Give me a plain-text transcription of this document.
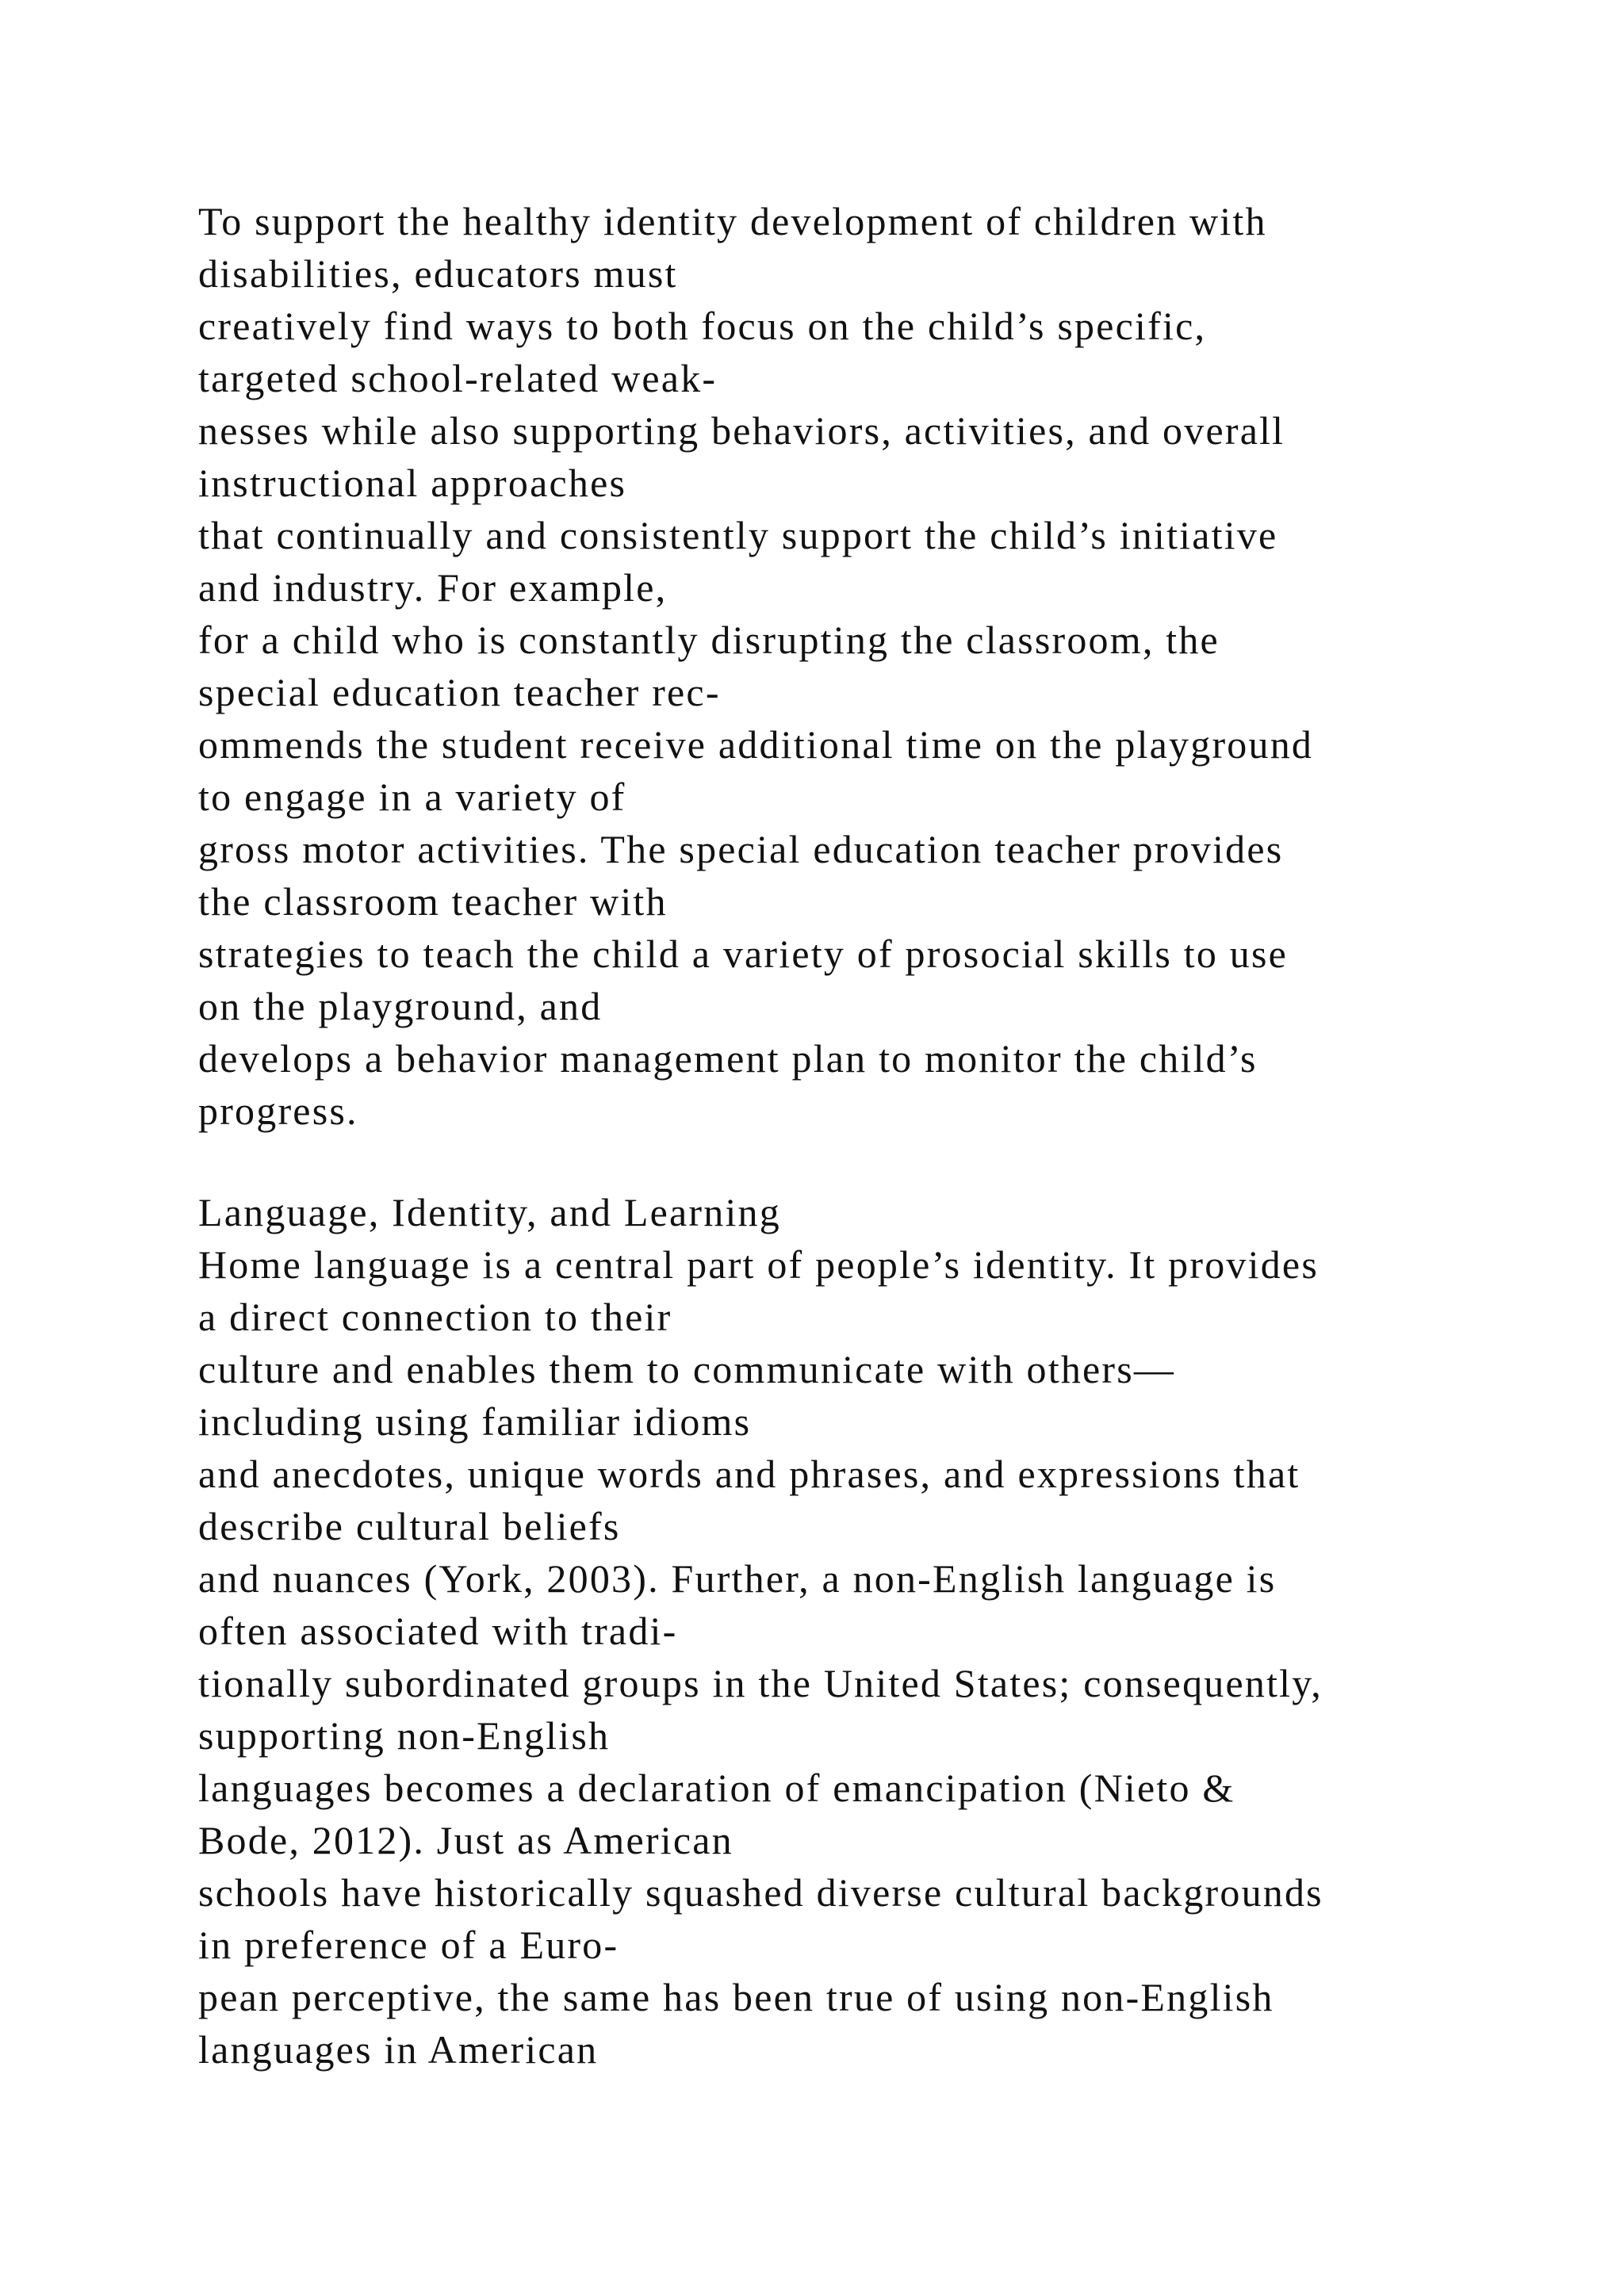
To support the healthy identity development of children with
disabilities, educators must
creatively find ways to both focus on the child’s specific,
targeted school-related weak-
nesses while also supporting behaviors, activities, and overall
instructional approaches
that continually and consistently support the child’s initiative
and industry. For example,
for a child who is constantly disrupting the classroom, the
special education teacher rec-
ommends the student receive additional time on the playground
to engage in a variety of
gross motor activities. The special education teacher provides
the classroom teacher with
strategies to teach the child a variety of prosocial skills to use
on the playground, and
develops a behavior management plan to monitor the child’s
progress.
Language, Identity, and Learning
Home language is a central part of people’s identity. It provides
a direct connection to their
culture and enables them to communicate with others—
including using familiar idioms
and anecdotes, unique words and phrases, and expressions that
describe cultural beliefs
and nuances (York, 2003). Further, a non-English language is
often associated with tradi-
tionally subordinated groups in the United States; consequently,
supporting non-English
languages becomes a declaration of emancipation (Nieto &
Bode, 2012). Just as American
schools have historically squashed diverse cultural backgrounds
in preference of a Euro-
pean perceptive, the same has been true of using non-English
languages in American
